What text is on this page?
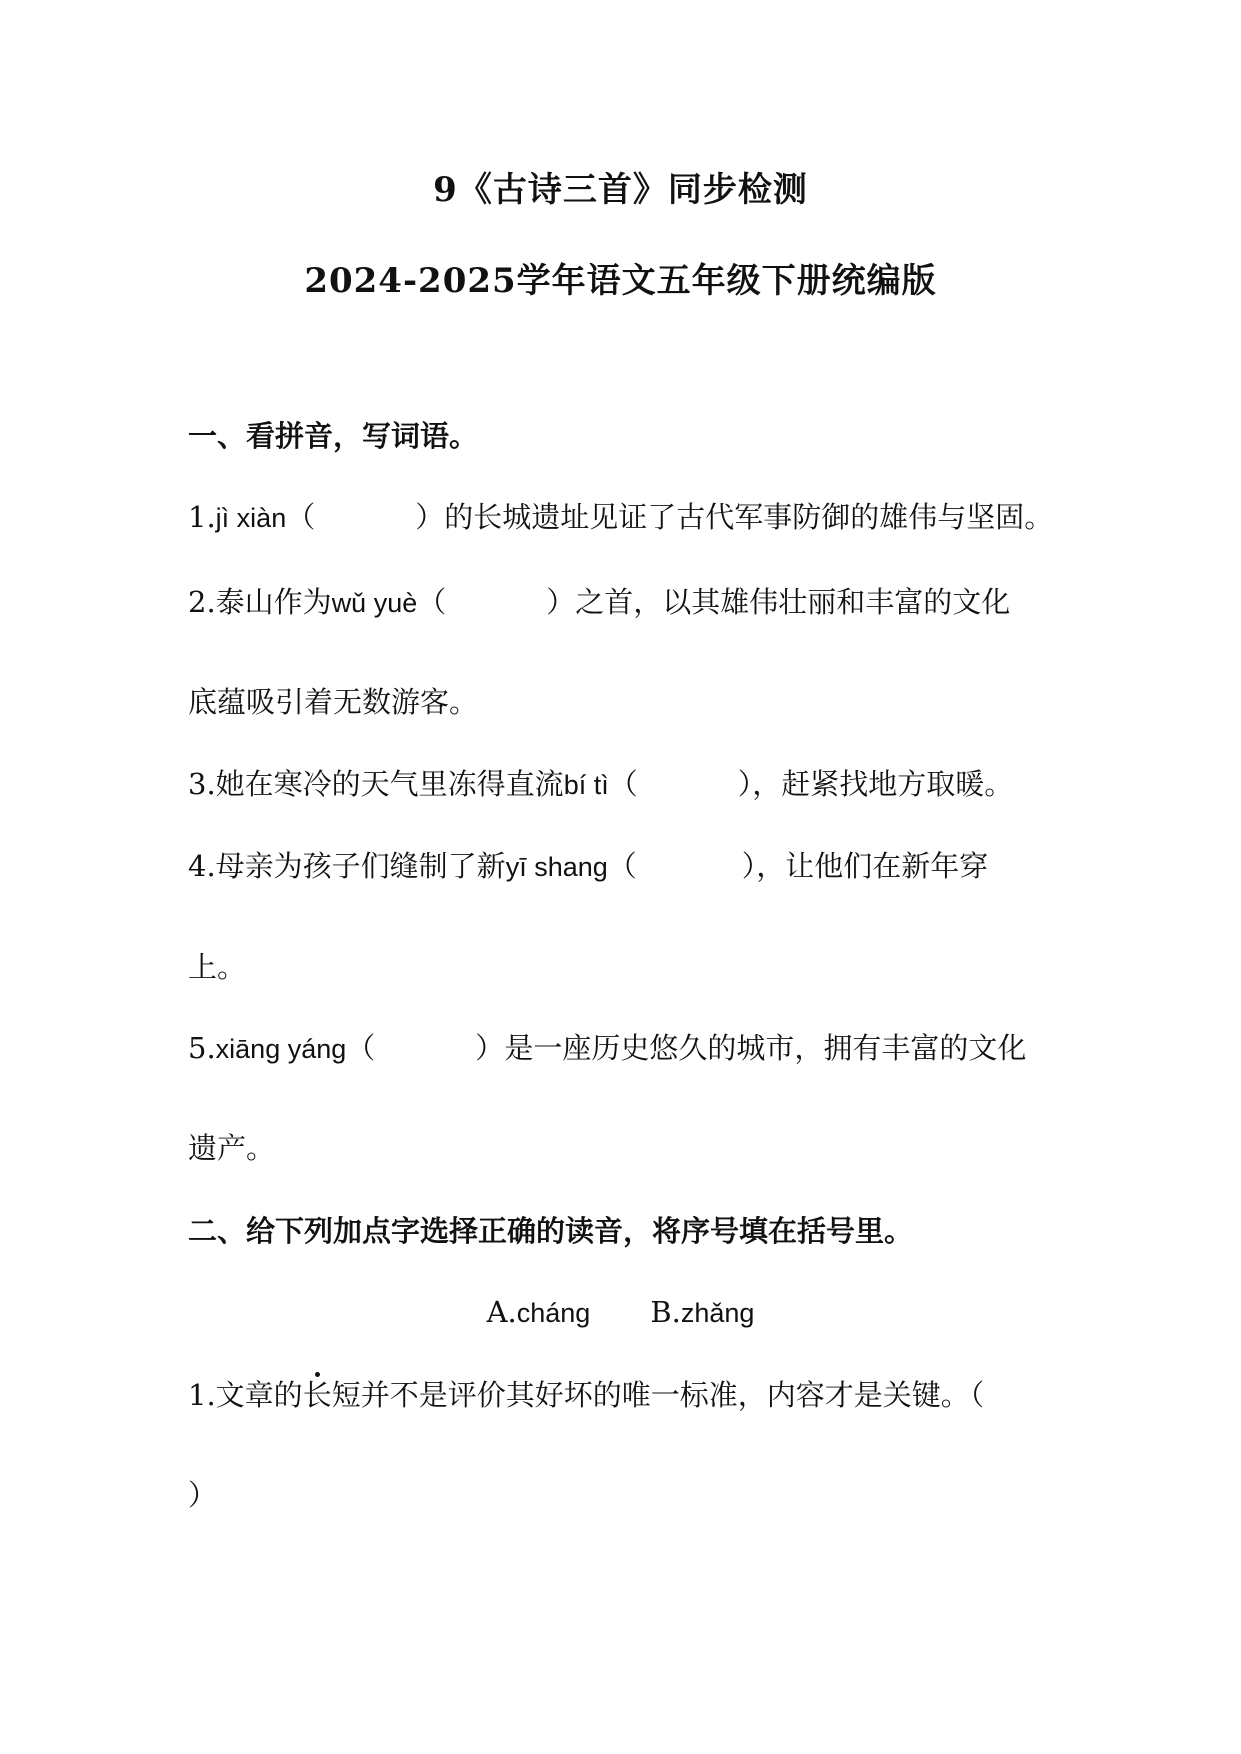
9《古诗三首》同步检测
2024-2025学年语文五年级下册统编版
一、看拼音，写词语。
1.jì xiàn（	）的长城遗址见证了古代军事防御的雄伟与坚固。
2.泰山作为wǔ yuè（	）之首，以其雄伟壮丽和丰富的文化
底蕴吸引着无数游客。
3.她在寒冷的天气里冻得直流bí tì（	），赶紧找地方取暖。
4.母亲为孩子们缝制了新yī shang（	），让他们在新年穿
上。
5.xiāng yáng（	）是一座历史悠久的城市，拥有丰富的文化
遗产。
二、给下列加点字选择正确的读音，将序号填在括号里。
A.cháng B.zhǎng
1.文章的长短并不是评价其好坏的唯一标准，内容才是关键。（
）
